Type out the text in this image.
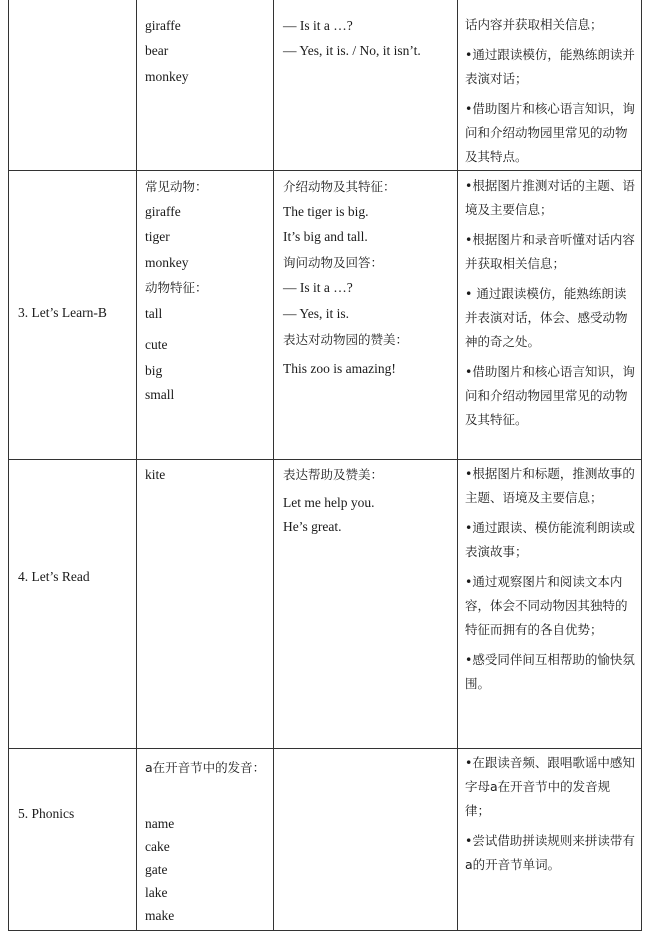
giraffe

bear

monkey

— Is it a …?

— Yes, it is. / No, it isn’t.

话内容并获取相关信息；

•通过跟读模仿，能熟练朗读并表演对话；

•借助图片和核心语言知识，询问和介绍动物园里常见的动物及其特点。

3. Let’s Learn-B

常见动物：

giraffe

tiger

monkey

动物特征：

tall

cute

big

small

介绍动物及其特征：

The tiger is big.

It’s big and tall.

询问动物及回答：

— Is it a …?

— Yes, it is.

表达对动物园的赞美：

This zoo is amazing!

•根据图片推测对话的主题、语境及主要信息；

•根据图片和录音听懂对话内容并获取相关信息；

• 通过跟读模仿，能熟练朗读并表演对话，体会、感受动物神的奇之处。

•借助图片和核心语言知识，询问和介绍动物园里常见的动物及其特征。

4. Let’s Read

kite	表达帮助及赞美：

Let me help you.

He’s great.

•根据图片和标题，推测故事的主题、语境及主要信息；

•通过跟读、模仿能流利朗读或表演故事；

•通过观察图片和阅读文本内容，体会不同动物因其独特的特征而拥有的各自优势；

•感受同伴间互相帮助的愉快氛围。

5. Phonics

a在开音节中的发音：

name

cake

gate

lake

make

•在跟读音频、跟唱歌谣中感知字母a在开音节中的发音规律；

•尝试借助拼读规则来拼读带有a的开音节单词。
